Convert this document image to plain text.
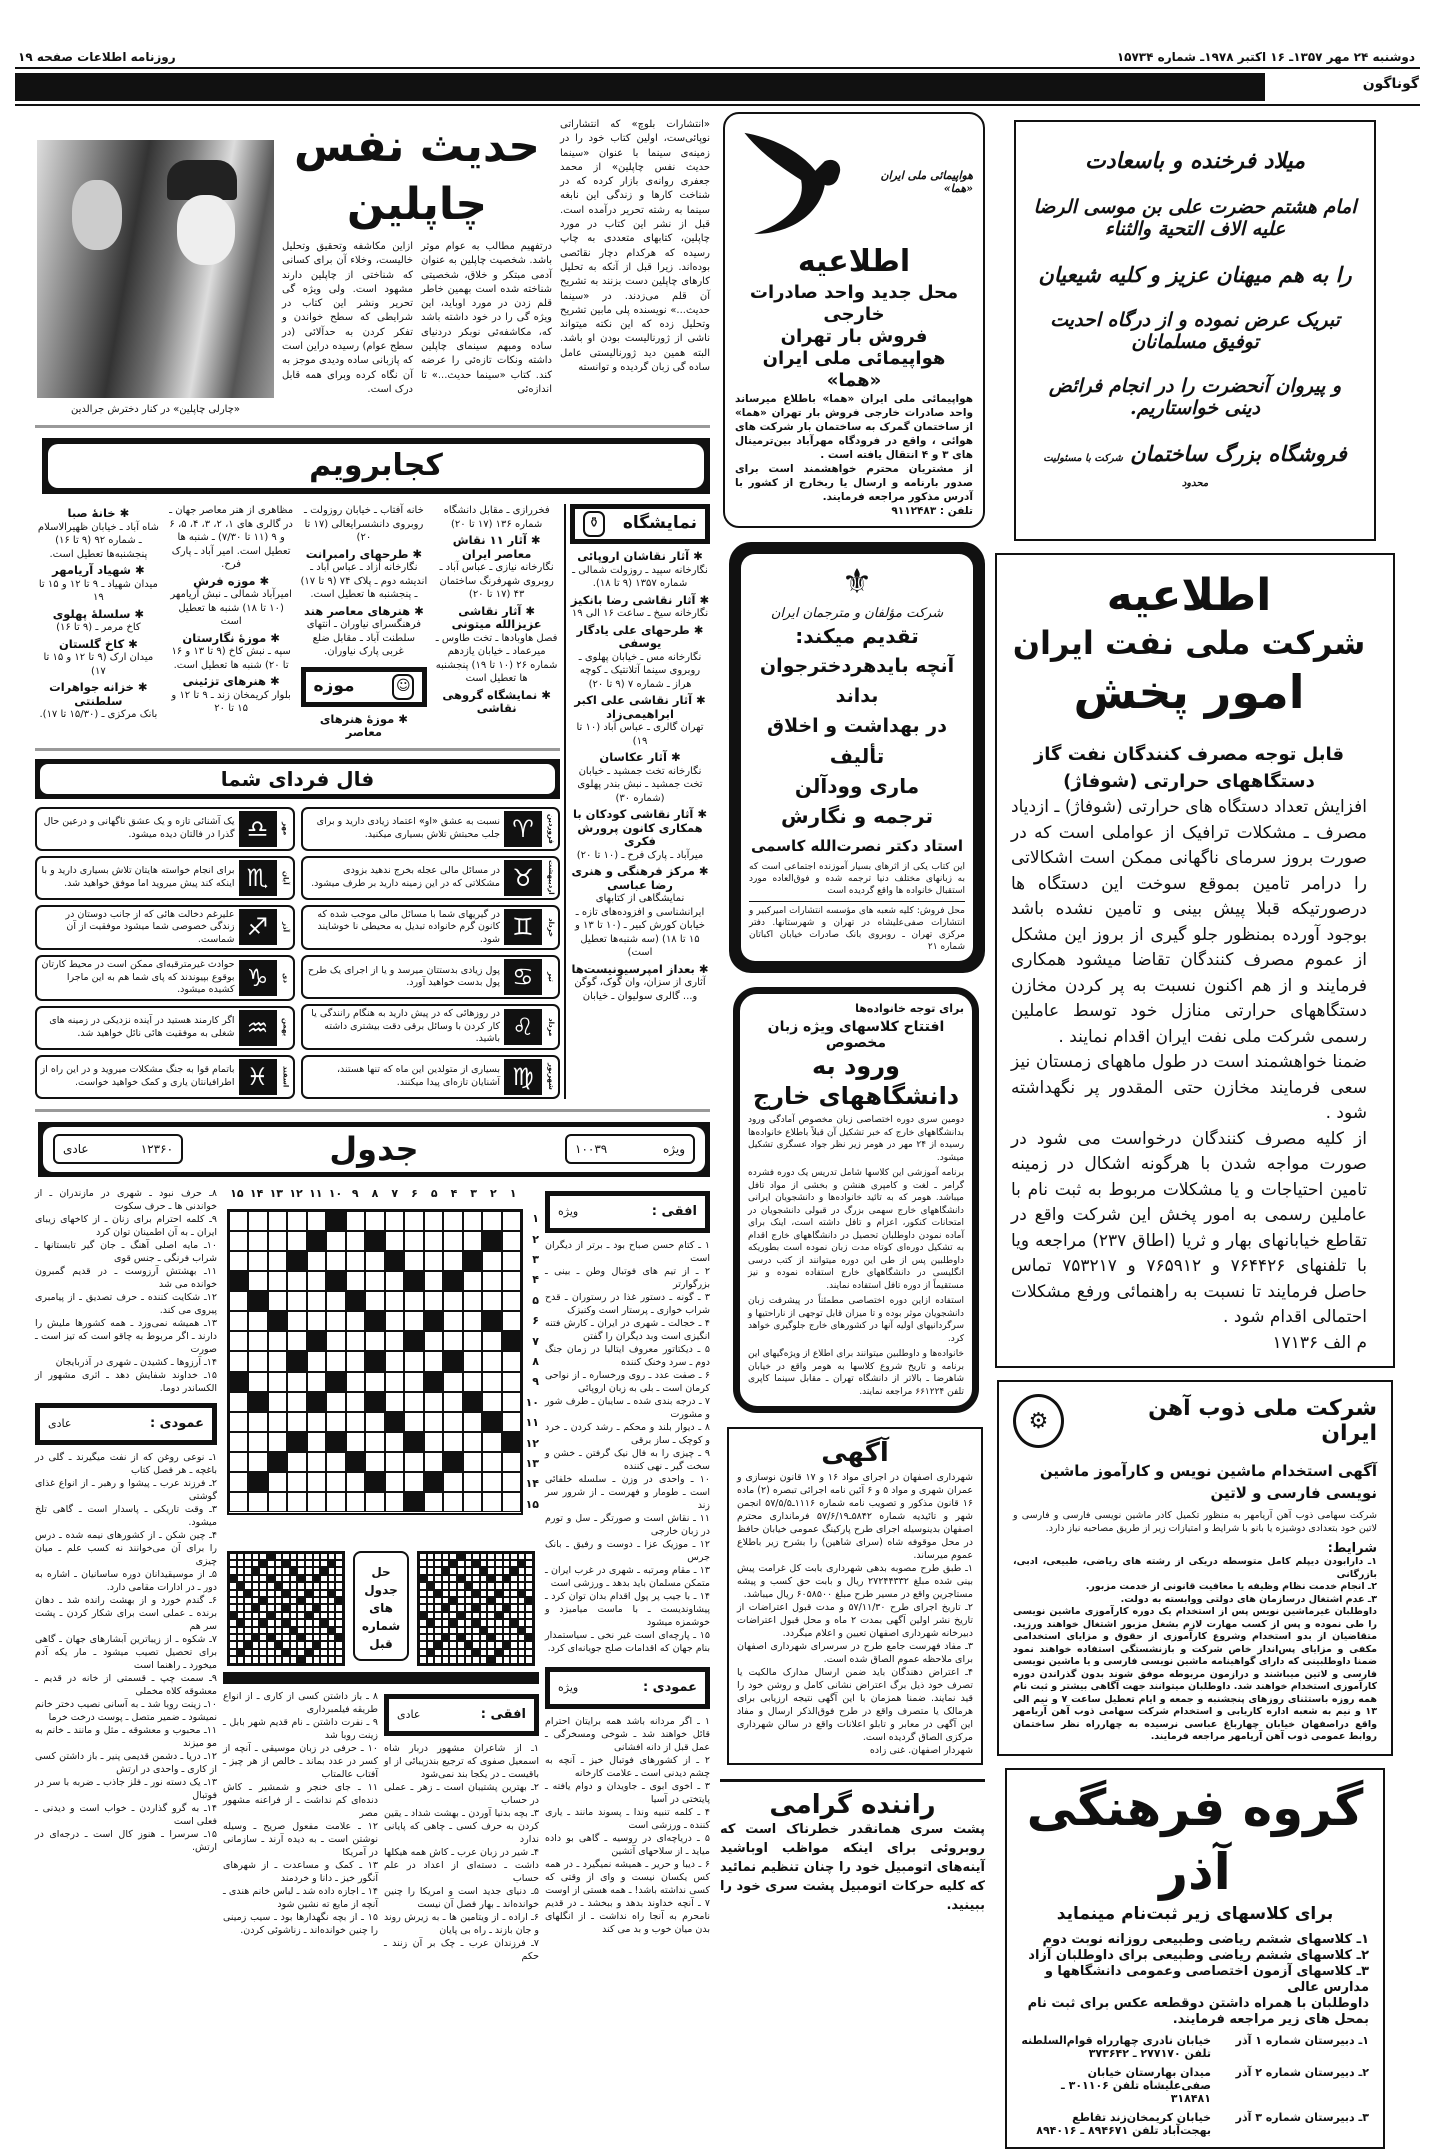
دوشنبه ۲۴ مهر ۱۳۵۷ـ ۱۶ اکتبر ۱۹۷۸ـ شماره ۱۵۷۳۴
روزنامه اطلاعات صفحه ۱۹
گوناگون
میلاد فرخنده و باسعادت
امام هشتم حضرت علی بن موسی الرضا علیه الاف التحیة والثناء
را به هم میهنان عزیز و کلیه شیعیان
تبریک عرض نموده و از درگاه احدیت توفیق مسلمانان
و پیروان آنحضرت را در انجام فرائض دینی خواستاریم.
فروشگاه بزرگ ساختمان شرکت با مسئولیت محدود
اطلاعیه
شرکت ملی نفت ایران
امور پخش
قابل توجه مصرف کنندگان نفت گاز دستگاههای حرارتی (شوفاژ)
افزایش تعداد دستگاه های حرارتی (شوفاژ) ـ ازدیاد مصرف ـ مشکلات ترافیک از عواملی است که در صورت بروز سرمای ناگهانی ممکن است اشکالاتی را درامر تامین بموقع سوخت این دستگاه ها درصورتیکه قبلا پیش بینی و تامین نشده باشد بوجود آورده بمنظور جلو گیری از بروز این مشکل از عموم مصرف کنندگان تقاضا میشود همکاری فرمایند و از هم اکنون نسبت به پر کردن مخازن دستگاههای حرارتی منازل خود توسط عاملین رسمی شرکت ملی نفت ایران اقدام نمایند .
ضمنا خواهشمند است در طول ماههای زمستان نیز سعی فرمایند مخازن حتی المقدور پر نگهداشته شود .
از کلیه مصرف کنندگان درخواست می شود در صورت مواجه شدن با هرگونه اشکال در زمینه تامین احتیاجات و یا مشکلات مربوط به ثبت نام با عاملین رسمی به امور پخش این شرکت واقع در تقاطع خیابانهای بهار و ثریا (اطاق ۲۳۷) مراجعه ویا با تلفنهای ۷۶۴۴۲۶ و ۷۶۵۹۱۲ و ۷۵۳۲۱۷ تماس حاصل فرمایند تا نسبت به راهنمائی ورفع مشکلات احتمالی اقدام شود .
م الف ۱۷۱۳۶
شرکت ملی ذوب آهن ایران
⚙
آگهی استخدام ماشین نویس و کارآموز ماشین نویسی فارسی و لاتین
شرکت سهامی ذوب آهن آریامهر به منظور تکمیل کادر ماشین نویسی فارسی و فارسی و لاتین خود بتعدادی دوشیزه یا بانو با شرایط و امتیازات زیر از طریق مصاحبه نیاز دارد.
شرایط:
۱ـ دارابودن دیپلم کامل متوسطه دریکی از رشته های ریاضی، طبیعی، ادبی، بازرگانی
۲ـ انجام خدمت نظام وظیفه یا معافیت قانونی از خدمت مزبور.
۳ـ عدم اشتغال درسازمان های دولتی ووابسته به دولت.
داوطلبان غیرماشین نویس پس از استخدام یک دوره کارآموزی ماشین نویسی را طی نموده و پس از کسب مهارت لازم بشغل مزبور اشتغال خواهند ورزید. متقاضیان از بدو استخدام وشروع کارآموزی از حقوق و مزایای استخدامی مکفی و مزایای پس‌انداز خاص شرکت و بازنشستگی استفاده خواهند نمود ضمنا داوطلبینی که دارای گواهینامه ماشین نویسی فارسی و یا ماشین نویسی فارسی و لاتین میباشند و درازمون مربوطه موفق شوند بدون گذراندن دوره کارآموزی استخدام خواهند شد. داوطلبان میتوانند جهت آگاهی بیشتر و ثبت نام همه روزه باستثنای روزهای پنجشنبه و جمعه و ایام تعطیل ساعت ۷ و نیم الی ۱۳ و نیم به شعبه اداره کاریابی و استخدام شرکت سهامی ذوب آهن آریامهر واقع دراصفهان خیابان چهارباغ عباسی نرسیده به چهارراه نظر ساختمان روابط عمومی ذوب آهن آریامهر مراجعه فرمایند.
گروه فرهنگی آذر
برای کلاسهای زیر ثبت‌نام مینماید
۱ـ کلاسهای ششم ریاضی وطبیعی روزانه نوبت دوم
۲ـ کلاسهای ششم ریاضی وطبیعی برای داوطلبان آزاد
۳ـ کلاسهای آزمون اختصاصی وعمومی دانشگاهها و مدارس عالی
داوطلبان با همراه داشتن دوقطعه عکس برای ثبت نام بمحل های زیر مراجعه فرمایند.
۱ـ دبیرستان شماره ۱ آذر
خیابان نادری چهارراه قوام‌السلطنه تلفن ۲۷۷۱۷۰ ـ ۳۷۳۶۴۲
۲ـ دبیرستان شماره ۲ آذر
میدان بهارستان خیابان صفی‌علیشاه تلفن ۳۰۱۱۰۶ ـ ۳۱۸۴۸۱
۳ـ دبیرستان شماره ۳ آذر
خیابان کریمخان‌زند تقاطع بهجت‌آباد تلفن ۸۹۴۶۷۱ ـ ۸۹۴۰۱۶
هواپیمائی ملی ایران «هما»
اطلاعیه
محل جدید واحد صادرات خارجی
فروش بار تهران
هواپیمائی ملی ایران «هما»
هواپیمائی ملی ایران «هما» باطلاع میرساند واحد صادرات خارجی فروش بار تهران «هما» از ساختمان گمرک به ساختمان بار شرکت های هوائی ، واقع در فرودگاه مهرآباد بین‌ترمینال های ۳ و ۴ انتقال یافته است .
از مشتریان محترم خواهشمند است برای صدور بارنامه و ارسال یا ربخارج از کشور با آدرس مذکور مراجعه فرمایند.
تلفن : ۹۱۱۲۴۸۳
⚜
شرکت مؤلفان و مترجمان ایران
تقدیم میکند:
آنچه بایدهردخترجوان بداند
در بهداشت و اخلاق
تألیف
ماری وودآلن
ترجمه و نگارش
استاد دکتر نصرت‌الله کاسمی
این کتاب یکی از اثرهای بسیار آموزنده اجتماعی است که به زبانهای مختلف دنیا ترجمه شده و فوق‌العاده مورد استقبال خانواده ها واقع گردیده است
محل فروش: کلیه شعبه های مؤسسه انتشارات امیرکبیر و انتشارات صفی‌علیشاه در تهران و شهرستانها. دفتر مرکزی تهران ـ روبروی بانک صادرات خیابان اکباتان شماره ۲۱
برای توجه خانواده‌ها
افتتاح کلاسهای ویژه زبان مخصوص
ورود به دانشگاههای خارج
دومین سری دوره اختصاصی زبان مخصوص آمادگی ورود بدانشگاههای خارج که خبر تشکیل آن قبلاً باطلاع خانواده‌ها رسیده از ۲۴ مهر در هومر زیر نظر جواد عسگری تشکیل میشود.
برنامه آموزشی این کلاسها شامل تدریس یک دوره فشرده گرامر ـ لغت و کامپری هنشن و بخشی از مواد تافل میباشد. هومر که به تائید خانواده‌ها و دانشجویان ایرانی دانشگاههای خارج سهمی بزرگ در قبولی دانشجویان در امتحانات کنکور، اعزام و تافل داشته است، اینک برای آماده نمودن داوطلبان تحصیل در دانشگاههای خارج اقدام به تشکیل دوره‌ای کوتاه مدت زبان نموده است بطوریکه داوطلبین پس از طی این دوره میتوانند از کتب درسی انگلیسی در دانشگاههای خارج استفاده نموده و نیز مستقیماً از دوره تافل استفاده نمایند.
استفاده ازاین دوره اختصاصی مطمئناً در پیشرفت زبان دانشجویان موثر بوده و تا میزان قابل توجهی از ناراحتیها و سرگردانیهای اولیه آنها در کشورهای خارج جلوگیری خواهد کرد.
خانواده‌ها و داوطلبین میتوانند برای اطلاع از ویژه‌گیهای این برنامه و تاریخ شروع کلاسها به هومر واقع در خیابان شاهرضا ـ بالاتر از دانشگاه تهران ـ مقابل سینما کاپری تلفن ۶۶۱۲۲۴ مراجعه نمایند.
آگهی
شهرداری اصفهان در اجرای مواد ۱۶ و ۱۷ قانون نوسازی و عمران شهری و مواد ۵ و ۶ آئین نامه اجرائی تبصره (۲) ماده ۱۶ قانون مذکور و تصویب نامه شماره ۱۱۱۶ـ۵۷/۵/۵ انجمن شهر و تائیدیه شماره ۵۸۴۲ـ۵۷/۶/۱۹ فرمانداری محترم اصفهان بدینوسیله اجرای طرح پارکینگ عمومی خیابان حافظ در محل موقوفه شاه (سرای شاهین) را بشرح زیر باطلاع عموم میرساند.
۱ـ طبق طرح مصوبه بدهی شهرداری بابت کل غرامت پیش بینی شده مبلغ ۲۷۲۴۴۳۳۲ ریال و بابت حق کسب و پیشه مستاجرین واقع در مسیر طرح مبلغ ۶۰۵۸۵۰۰ ریال میباشد.
۲ـ تاریخ اجرای طرح ۵۷/۱۱/۳۰ و مدت قبول اعتراضات از تاریخ نشر اولین آگهی بمدت ۲ ماه و محل قبول اعتراضات دبیرخانه شهرداری اصفهان تعیین و اعلام میگردد.
۳ـ مفاد فهرست جامع طرح در سرسرای شهرداری اصفهان برای ملاحظه عموم الصاق شده است.
۴ـ اعتراض دهندگان باید ضمن ارسال مدارک مالکیت یا تصرف خود ذیل برگ اعتراض نشانی کامل و روشن خود را قید نمایند. ضمنا همزمان با این آگهی نتیجه ارزیابی برای هرمالک یا متصرف واقع در طرح فوق‌الذکر ارسال و مفاد این آگهی در معابر و تابلو اعلانات واقع در سالن شهرداری مرکزی الصاق گردیده است.
شهردار اصفهان. غنی زاده
راننده گرامی
پشت سری همانقدر خطرناک است که روبروئی برای اینکه مواظب اوباشید آینه‌های اتومبیل خود را چنان تنظیم نمائید که کلیه حرکات اتومبیل پشت سری خود را ببینید.
«انتشارات بلوچ» که انتشاراتی نوپائی‌ست، اولین کتاب خود را در زمینه‌ی سینما با عنوان «سینما حدیث نفس چاپلین» از محمد جعفری روانه‌ی بازار کرده که در شناخت کارها و زندگی این نابغه سینما به رشته تحریر درآمده است. قبل از نشر این کتاب در مورد چاپلین، کتابهای متعددی به چاپ رسیده که هرکدام دچار نقائصی بوده‌اند. زیرا قبل از آنکه به تحلیل کارهای چاپلین دست بزنند به تشریح آن قلم می‌زدند. در «سینما حدیث...» نویسنده پلی مابین تشریح وتحلیل زده که این نکته میتواند ناشی از ژورنالیست بودن او باشد. البته همین دید ژورنالیستی عامل ساده گی زبان گردیده و توانسته
حدیث نفس
چاپلین
درتفهیم مطالب به عوام موثر باشد. شخصیت چاپلین به عنوان آدمی مبتکر و خلاق، شخصیتی شناخته شده است بهمین خاطر قلم زدن در مورد اوباید، این ویژه گی را در خود داشته باشد که، مکاشفه‌ئی نوبکر دردنیای ساده ومبهم سینمای چاپلین داشته ونکات تازه‌ئی را عرضه کند. کتاب «سینما حدیث...» تا اندازه‌ئی
ازاین مکاشفه وتحقیق وتحلیل خالیست، وخلاء آن برای کسانی که شناختی از چاپلین دارند مشهود است. ولی ویژه گی تحریر ونشر این کتاب در شرایطی که سطح خواندن و تفکر کردن به حدآلائی (در سطح عوام) رسیده دراین است که پازبانی ساده ودیدی موجز به آن نگاه کرده وبرای همه قابل درک است.
«چارلی چاپلین» در کنار دخترش جرالدین
کجابرویم
نمایشگاه
⚱
✱ آثار نقاشان اروپائی
نگارخانه سپید ـ روزولت شمالی ـ شماره ۱۳۵۷ (۹ تا ۱۸).
✱ آثار نقاشی رضا بانکیز
نگارخانه سیخ ـ ساعت ۱۶ الی ۱۹
✱ طرحهای علی یادگار یوسفی
نگارخانه مس ـ خیابان پهلوی ـ روبروی سینما آتلانتیک ـ کوچه هراز ـ شماره ۷ (۹ تا ۲۰)
✱ آثار نقاشی علی اکبر ابراهیمی‌زاد
تهران گالری ـ عباس آباد (۱۰ تا ۱۹)
✱ آثار عکاسان
نگارخانه تخت جمشید ـ خیابان تخت جمشید ـ نبش بندر پهلوی (شماره ۳۰)
✱ آثار نقاشی کودکان با همکاری کانون پرورش فکری
میرآباد ـ پارک فرح ـ (۱۰ تا ۲۰)
✱ مرکز فرهنگی و هنری رضا عباسی
نمایشگاهی از کتابهای ایرانشناسی و افزوده‌های تازه ـ خیابان کورش کبیر ـ (۱۰ تا ۱۳ و ۱۵ تا ۱۸) (سه شنبه‌ها تعطیل است)
✱ بعداز امپرسیونیست‌ها
آثاری از سزان، وان گوک، گوگن و... گالری سولیوان ـ خیابان
فخررازی ـ مقابل دانشگاه شماره ۱۳۶ (۱۷ تا ۲۰)
✱ آثار ۱۱ نقاش معاصر ایران
نگارخانه نیازی ـ عباس آباد ـ روبروی شهرفرنگ ساختمان ۴۳ (۱۷ تا ۲۰)
✱ آثار نقاشی عزیزالله میتونی
فصل هاوبادها ـ تخت طاوس ـ میرعماد ـ خیابان یازدهم شماره ۲۶ (۱۰ تا ۱۹) پنجشنبه ها تعطیل است
✱ نمایشگاه گروهی نقاشی
خانه آفتاب ـ خیابان روزولت ـ روبروی دانشسرایعالی (۱۷ تا ۲۰)
✱ طرحهای رامبرانت
نگارخانه آزاد ـ عباس آباد ـ اندیشه دوم ـ پلاک ۷۴ (۹ تا ۱۷) ـ پنجشنبه ها تعطیل است.
✱ هنرهای معاصر هند
فرهنگسرای نیاوران ـ انتهای سلطنت آباد ـ مقابل ضلع غربی پارک نیاوران.
☺
موزه
✱ موزهٔ هنرهای معاصر
مظاهری از هنر معاصر جهان ـ در گالری های ۱، ۲، ۳، ۴، ۵، ۶ و ۹ (۱۱ تا ۷/۳۰) ـ شنبه ها تعطیل است. امیر آباد ـ پارک فرح.
✱ موزه فرش
امیرآباد شمالی ـ نبش آریامهر (۱۰ تا ۱۸) شنبه ها تعطیل است
✱ موزهٔ نگارستان
سپه ـ نبش کاخ (۹ تا ۱۳ و ۱۶ تا ۲۰) شنبه ها تعطیل است.
✱ هنرهای تزئینی
بلوار کریمخان زند ـ ۹ تا ۱۲ و ۱۵ تا ۲۰
✱ خانهٔ صبا
شاه آباد ـ خیابان ظهیرالاسلام ـ شماره ۹۲ (۹ تا ۱۶) پنجشنبه‌ها تعطیل است.
✱ شهیاد آریامهر
میدان شهیاد ـ ۹ تا ۱۲ و ۱۵ تا ۱۹
✱ سلسلهٔ پهلوی
کاخ مرمر ـ (۹ تا ۱۶)
✱ کاخ گلستان
میدان ارک (۹ تا ۱۲ و ۱۵ تا ۱۷)
✱ خزانه جواهرات سلطنتی
بانک مرکزی ـ (۱۵/۳۰ تا ۱۷).
فال فردای شما
فروردین
♈
نسبت به عشق «او» اعتماد زیادی دارید و برای جلب محبتش تلاش بسیاری میکنید.
اردیبهشت
♉
در مسائل مالی عجله بخرج ندهید بزودی مشکلاتی که در این زمینه دارید بر طرف میشود.
خرداد
♊
در گیریهای شما با مسائل مالی موجب شده که کانون گرم خانواده تبدیل به محیطی نا خوشایند شود.
تیر
♋
پول زیادی بدستتان میرسد و یا از اجرای یک طرح پول بدست خواهید آورد.
مرداد
♌
در روزهائی که در پیش دارید به هنگام رانندگی یا کار کردن با وسائل برقی دقت بیشتری داشته باشید.
شهریور
♍
بسیاری از متولدین این ماه که تنها هستند، آشنایان تازه‌ای پیدا میکنند.
مهر
♎
یک آشنائی تازه و یک عشق ناگهانی و درعین حال گذرا در فالتان دیده میشود.
آبان
♏
برای انجام خواسته هایتان تلاش بسیاری دارید و با اینکه کند پیش میروید اما موفق خواهید شد.
آذر
♐
علیرغم دخالت هائی که از جانب دوستان در زندگی خصوصی شما میشود موفقیت از آن شماست.
دی
♑
حوادث غیرمترقبه‌ای ممکن است در محیط کارتان بوقوع بپیوندند که پای شما هم به این ماجرا کشیده میشود.
بهمن
♒
اگر کارمند هستید در آینده نزدیکی در زمینه های شغلی به موفقیت هائی نائل خواهید شد.
اسفند
♓
باتمام قوا به جنگ مشکلات میروید و در این راه از اطرافیانتان یاری و کمک خواهید خواست.
ویژه
۱۰۰۳۹
جدول
۱۲۳۶۰
عادی
افقی :
ویژه
۱ ـ کتام حسن صباح بود ـ برتر از دیگران است
۲ ـ از تیم های فوتبال وطن ـ بینی ـ بزرگوارتر
۳ ـ گونه ـ دستور غذا در رستوران ـ قدح شراب خوازی ـ پرستار است وکنیزک
۴ ـ خجالت ـ شهری در ایران ـ کارش فتنه انگیزی است وبد دیگران را گفتن
۵ ـ دیکتاتور معروف ایتالیا در زمان جنگ دوم ـ سرد وخنک کننده
۶ ـ صفت عدد ـ روی ورخساره ـ از نواحی کرمان است ـ بلی به زبان اروپائی
۷ ـ درجه بندی شده ـ سایبان ـ طرف شور و مشورت
۸ ـ دیوار بلند و محکم ـ رشد کردن ـ خرد و کوچک ـ ساز برقی
۹ ـ چیزی را به فال نیک گرفتن ـ خشن و سخت گیر ـ نهی کننده
۱۰ ـ واحدی در وزن ـ سلسله خلفائی است ـ طومار و فهرست ـ از شرور سر زند
۱۱ ـ نقاش است و صورتگر ـ سل و تورم در زبان خارجی
۱۲ ـ موزیک عزا ـ دوست و رفیق ـ بانک جرس
۱۳ ـ مقام ومرتبه ـ شهری در غرب ایران ـ متمکن مسلمان باید بدهد ـ ورزشی است
۱۴ ـ با جیب پر پول اقدام بدان توان کرد ـ پیشاوندیست ـ با ماست میامیزد و خوشمزه میشود
۱۵ ـ پارچه‌ای است غیر نخی ـ سیاستمدار بنام جهان که اقدامات صلح جویانه‌ای کرد.
عمودی :
ویژه
۱ ـ اگر مردانه باشد همه برایتان احترام قائل خواهند شد ـ شوخی ومسخرگی ـ عمل قبل از دانه افشانی
۲ ـ از کشورهای فوتبال خیز ـ آنچه به چشم دیدنی است ـ علامت کارخانه
۳ ـ اخوی ابوی ـ جاویدان و دوام یافته ـ پایتختی در آسیا
۴ ـ کلمه تنبیه وندا ـ پسوند مانند ـ یاری کننده ـ ورزشی است
۵ ـ دریاچه‌ای در روسیه ـ گاهی بو داده میاید ـ از سلاحهای آتشین
۶ ـ دیبا و حریر ـ همیشه نمیگیرد ـ در همه کس یکسان نیست و وای از وقتی که کسی نداشته باشد! ـ همه هستی از اوست
۷ ـ آنچه خداوند بدهد و ببخشد ـ در قدیم نامحرم به آنجا راه نداشت ـ از انگلهای بدن میان خوب و بد می کند
۱
۲
۳
۴
۵
۶
۷
۸
۹
۱۰
۱۱
۱۲
۱۳
۱۴
۱۵
۱
۲
۳
۴
۵
۶
۷
۸
۹
۱۰
۱۱
۱۲
۱۳
۱۴
۱۵
حل
جدول های
شماره قبل
افقی :
عادی
۱ـ از شاعران مشهور دربار شاه اسمعیل صفوی که ترجیع بندزیبائی از او باقیست ـ در یکجا بند نمی‌شود
۲ـ بهترین پشتیبان است ـ زهر ـ عملی در حساب
۳ـ بچه بدنیا آوردن ـ بهشت شداد ـ یقین کردن به حرف کسی ـ چاهی که پایانی ندارد
۴ـ شیر در زبان عرب ـ کاش همه هیکلها داشت ـ دسته‌ای از اعداد در علم حساب
۵ـ دنیای جدید است و امریکا را چنین خوانده‌اند ـ بهار فصل آن نیست
۶ـ اراده ـ از ویتامین ها ـ به زیرش روند و جان بازند ـ راه بی پایان
۷ـ فرزندان عرب ـ چک بر آن زنند ـ حکم
۸ ـ باز داشتن کسی از کاری ـ از انواع طریقه فیلمبرداری
۹ ـ نفرت داشتن ـ نام قدیم شهر بابل ـ زینت روبا شد
۱۰ ـ حرفی در زبان موسیقی ـ آنچه از کسر در عدد بماند ـ خالص از هر چیز ـ آفتاب عالمتاب
۱۱ ـ جای خنجر و شمشیر ـ کاش دنده‌ای کم نداشت ـ از فراعنه مشهور مصر
۱۲ ـ علامت مفعول صریح ـ وسیله نوشتن است ـ به دیده آرند ـ سازمانی در آمریکا
۱۳ ـ کمک و مساعدت ـ از شهرهای آنگور خیز ـ دانا و خردمند
۱۴ ـ اجازه داده شد ـ لباس خانم هندی ـ آنچه از مایع ته نشین شود
۱۵ ـ از بچه نگهدارها بود ـ سیب زمینی را چنین خوانده‌اند ـ زناشوئی کردن.
۸ـ حرف نبود ـ شهری در مازندران ـ از خواندنی ها ـ حرف سکوت
۹ـ کلمه احترام برای زنان ـ از کاخهای زیبای ایران ـ به آن اطمینان توان کرد
۱۰ـ مایه اصلی آهنگ ـ جان گیر تابستانها ـ شراب فرنگی ـ جنس قوی
۱۱ـ بهشتش آرزوست ـ در قدیم گمبرون خوانده می شد
۱۲ـ شکایت کننده ـ حرف تصدیق ـ از پیامبری پیروی می کند.
۱۳ـ همیشه نمی‌وزد ـ همه کشورها ملیش را دارند ـ اگر مربوط به چاقو است که تیز است ـ صورت
۱۴ـ آرزوها ـ کشیدن ـ شهری در آذربایجان
۱۵ـ خداوند شفایش دهد ـ اثری مشهور از الکساندر دوما.
عمودی :
عادی
۱ـ نوعی روغن که از نفت میگیرند ـ گلی در باغچه ـ هر فصل کتاب
۲ـ فرزند عرب ـ پیشوا و رهبر ـ از انواع غذای گوشتی
۳ـ وقت تاریکی ـ پاسدار است ـ گاهی تلخ میشود.
۴ـ چین شکن ـ از کشورهای نیمه شده ـ درس را برای آن می‌خوانند نه کسب علم ـ میان چیزی
۵ـ از موسیقیدانان دوره ساسانیان ـ اشاره به دور ـ در ادارات مقامی دارد.
۶ـ گندم خورد و از بهشت رانده شد ـ دهان برنده ـ عملی است برای شکار کردن ـ پشت سر هم
۷ـ شکوه ـ از زیباترین آبشارهای جهان ـ گاهی برای تحصیل تصیب میشود ـ مار یکه آدم میخورد ـ راهنما است
۹ـ سمت چپ ـ قسمتی از خانه در قدیم ـ معشوقه کلاه مخملی
۱۰ـ زینت روبا شد ـ به آسانی نصیب دختر خانم نمیشود ـ ضمیر متصل ـ پوست درخت خرما
۱۱ـ محبوب و معشوقه ـ مثل و مانند ـ خانم به مو میزند
۱۲ـ دریا ـ دشمن قدیمی پنیر ـ باز داشتن کسی از کاری ـ واحدی در ارتش
۱۳ـ یک دسته نور ـ فلز جاذب ـ ضربه با سر در فوتبال
۱۴ـ به گرو گذاردن ـ خواب است و دیدنی ـ فعلی است
۱۵ـ سرسرا ـ هنوز کال است ـ درجه‌ای در ارتش.
